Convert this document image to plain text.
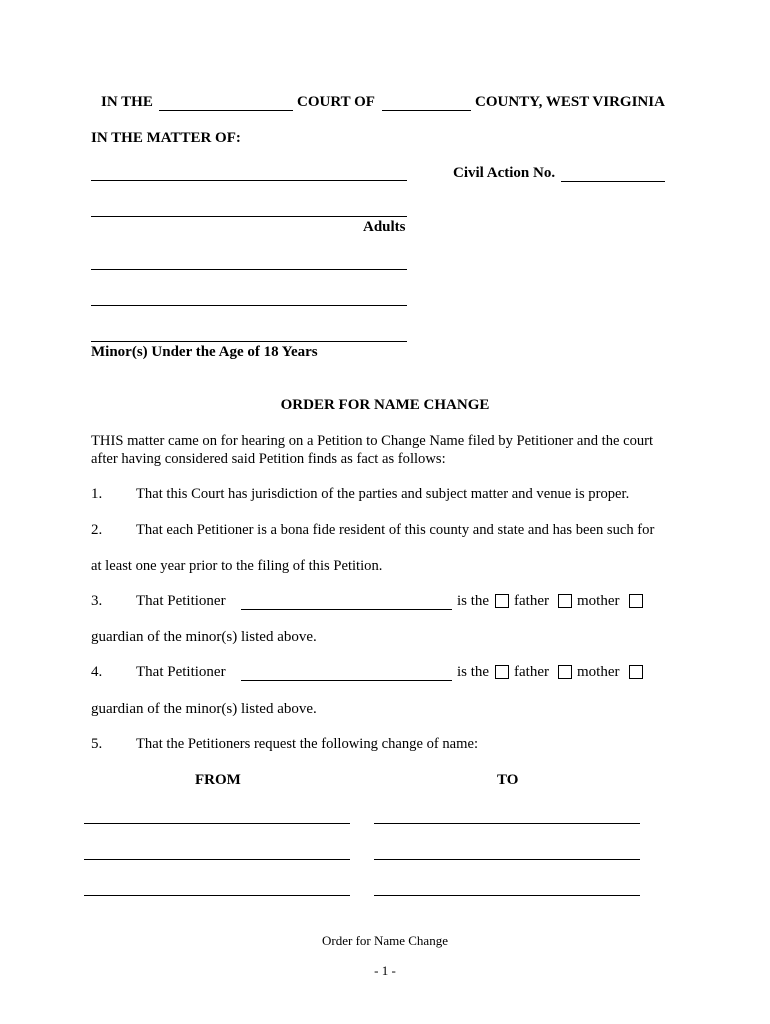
IN THE	COURT OF	COUNTY, WEST VIRGINIA
IN THE MATTER OF:
Civil Action No.
Adults
Minor(s) Under the Age of 18 Years
ORDER FOR NAME CHANGE
THIS matter came on for hearing on a Petition to Change Name filed by Petitioner and the court
after having considered said Petition finds as fact as follows:
1. That this Court has jurisdiction of the parties and subject matter and venue is proper.
2. That each Petitioner is a bona fide resident of this county and state and has been such for
at least one year prior to the filing of this Petition.
3. That Petitioner	is the father mother
guardian of the minor(s) listed above.
4. That Petitioner	is the father mother
guardian of the minor(s) listed above.
5. That the Petitioners request the following change of name:
FROM	TO
Order for Name Change
- 1 -
